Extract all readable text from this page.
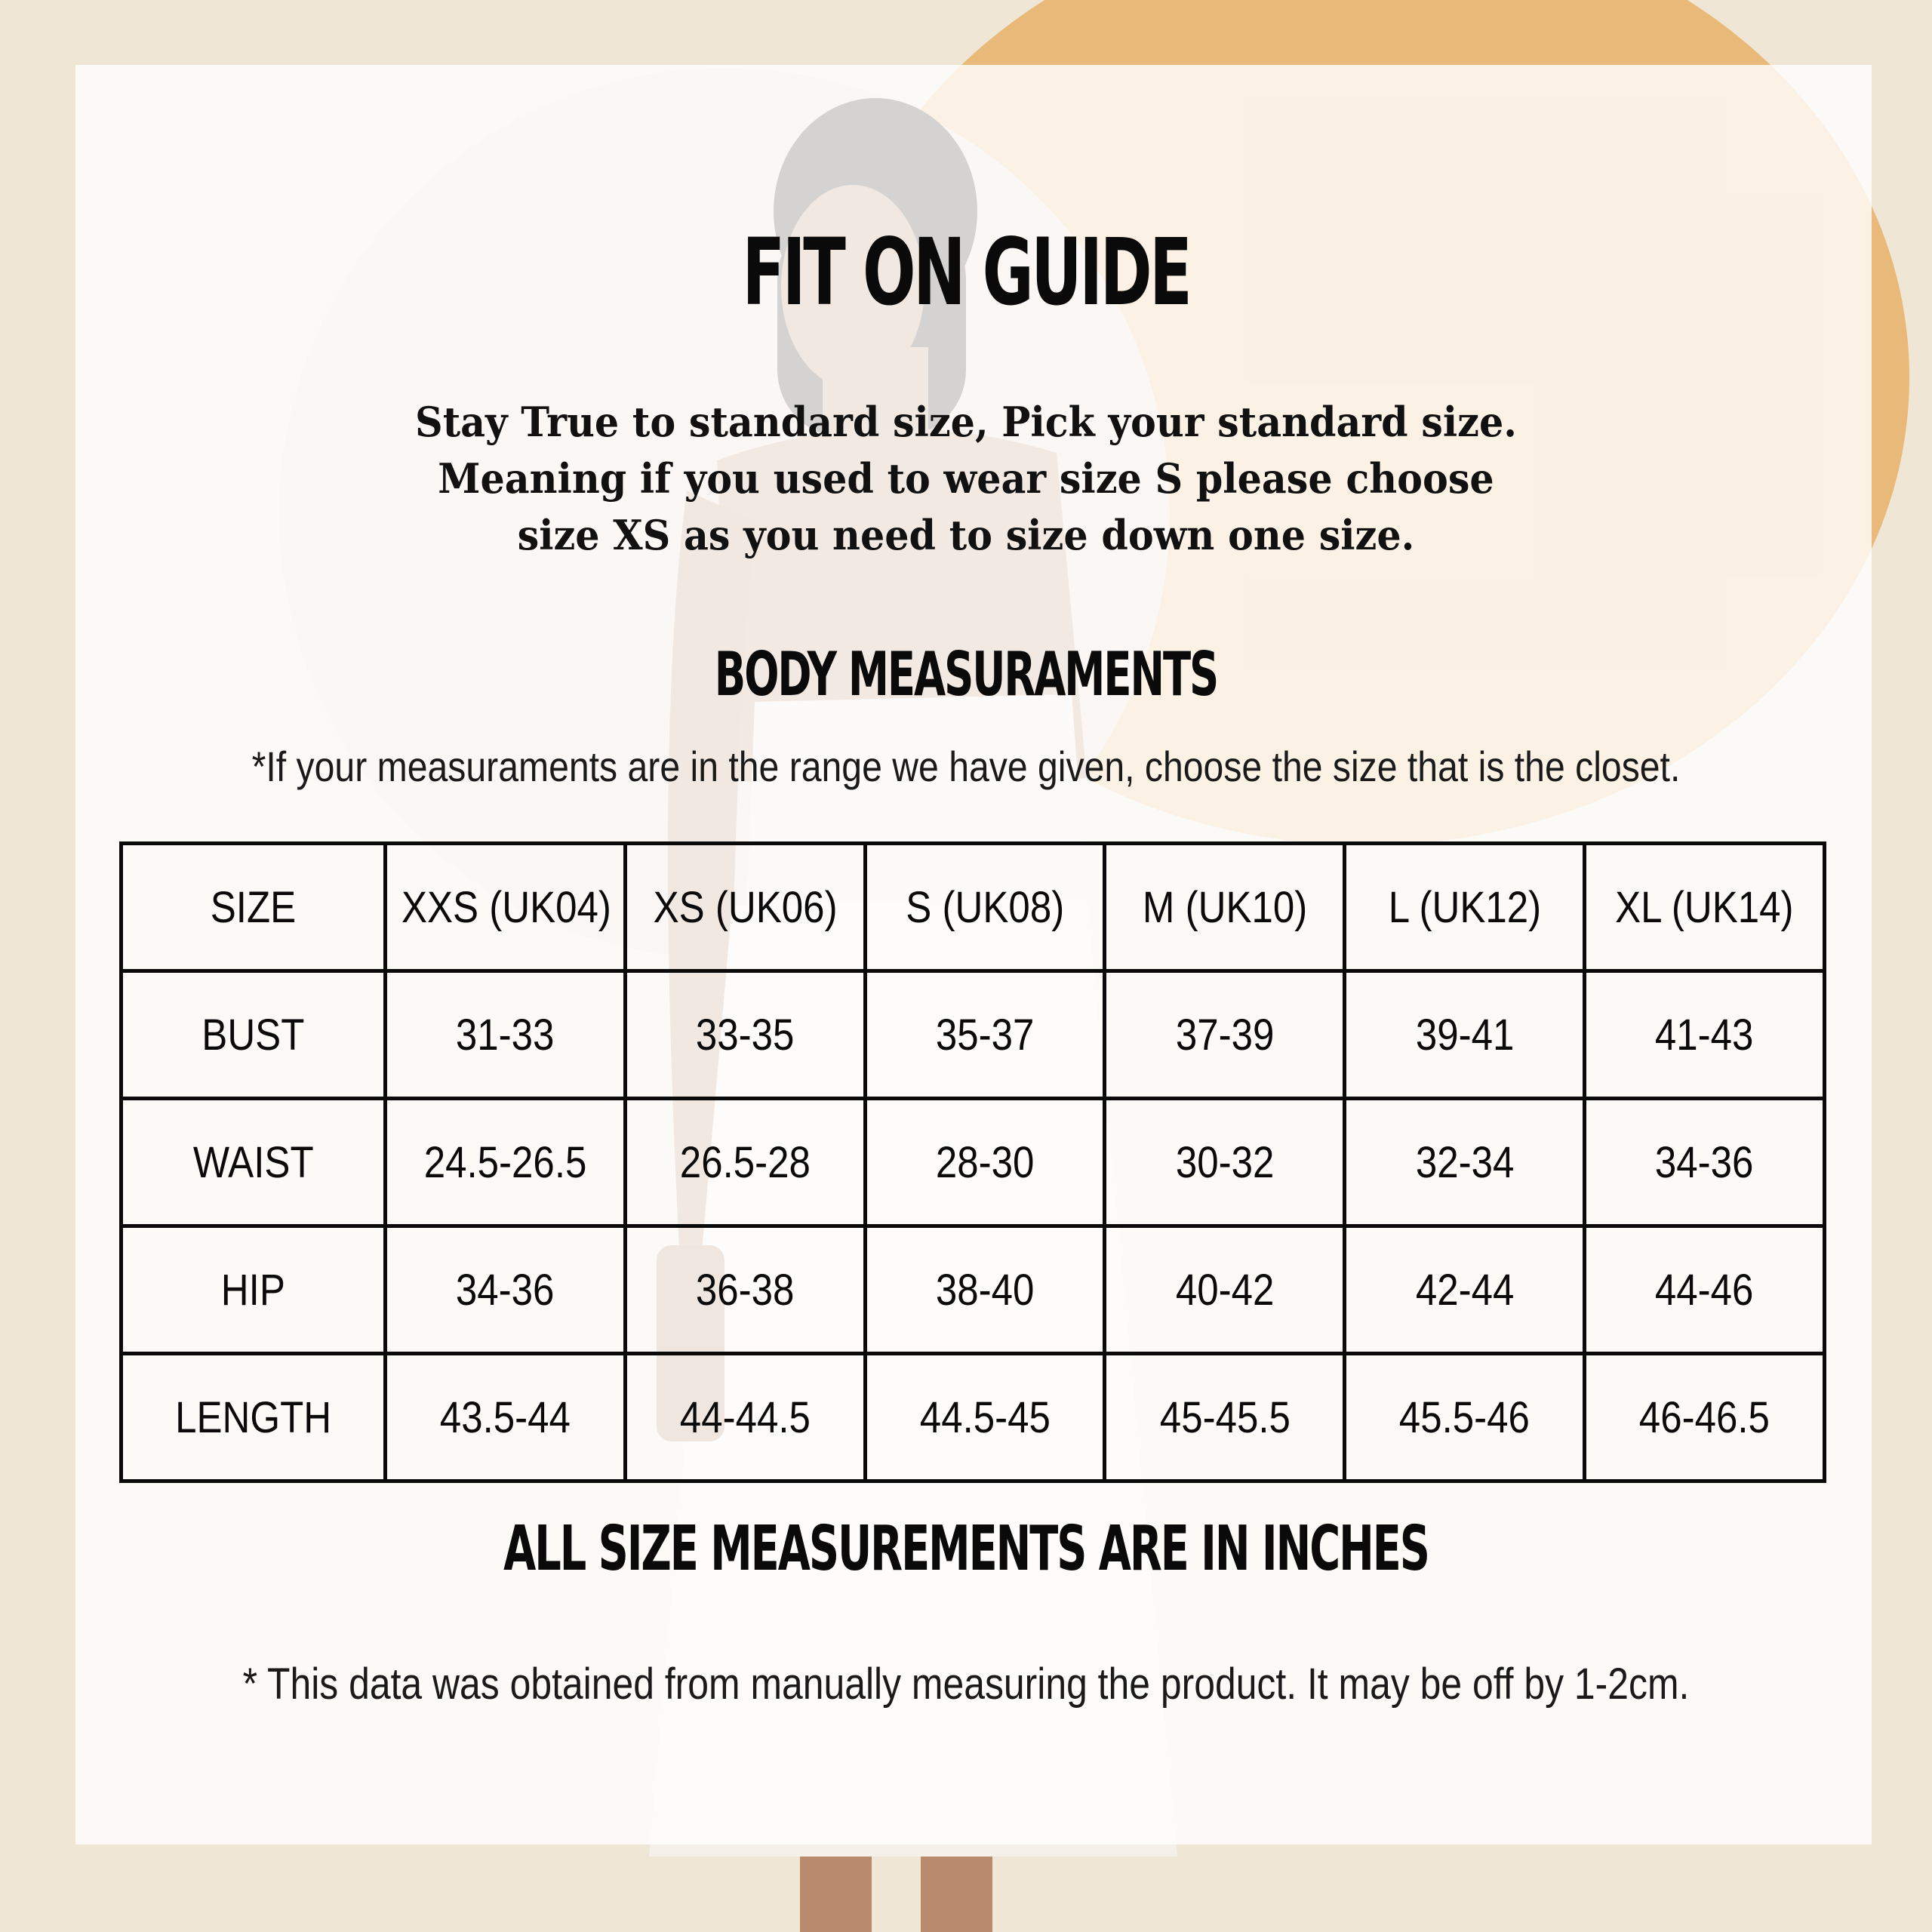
FIT ON GUIDE
Stay True to standard size, Pick your standard size.
Meaning if you used to wear size S please choose
size XS as you need to size down one size.
BODY MEASURAMENTS
*If your measuraments are in the range we have given, choose the size that is the closet.
SIZE	XXS (UK04)	XS (UK06)	S (UK08)	M (UK10)	L (UK12)	XL (UK14)
BUST	31-33	33-35	35-37	37-39	39-41	41-43
WAIST	24.5-26.5	26.5-28	28-30	30-32	32-34	34-36
HIP	34-36	36-38	38-40	40-42	42-44	44-46
LENGTH	43.5-44	44-44.5	44.5-45	45-45.5	45.5-46	46-46.5
ALL SIZE MEASUREMENTS ARE IN INCHES
* This data was obtained from manually measuring the product. It may be off by 1-2cm.
